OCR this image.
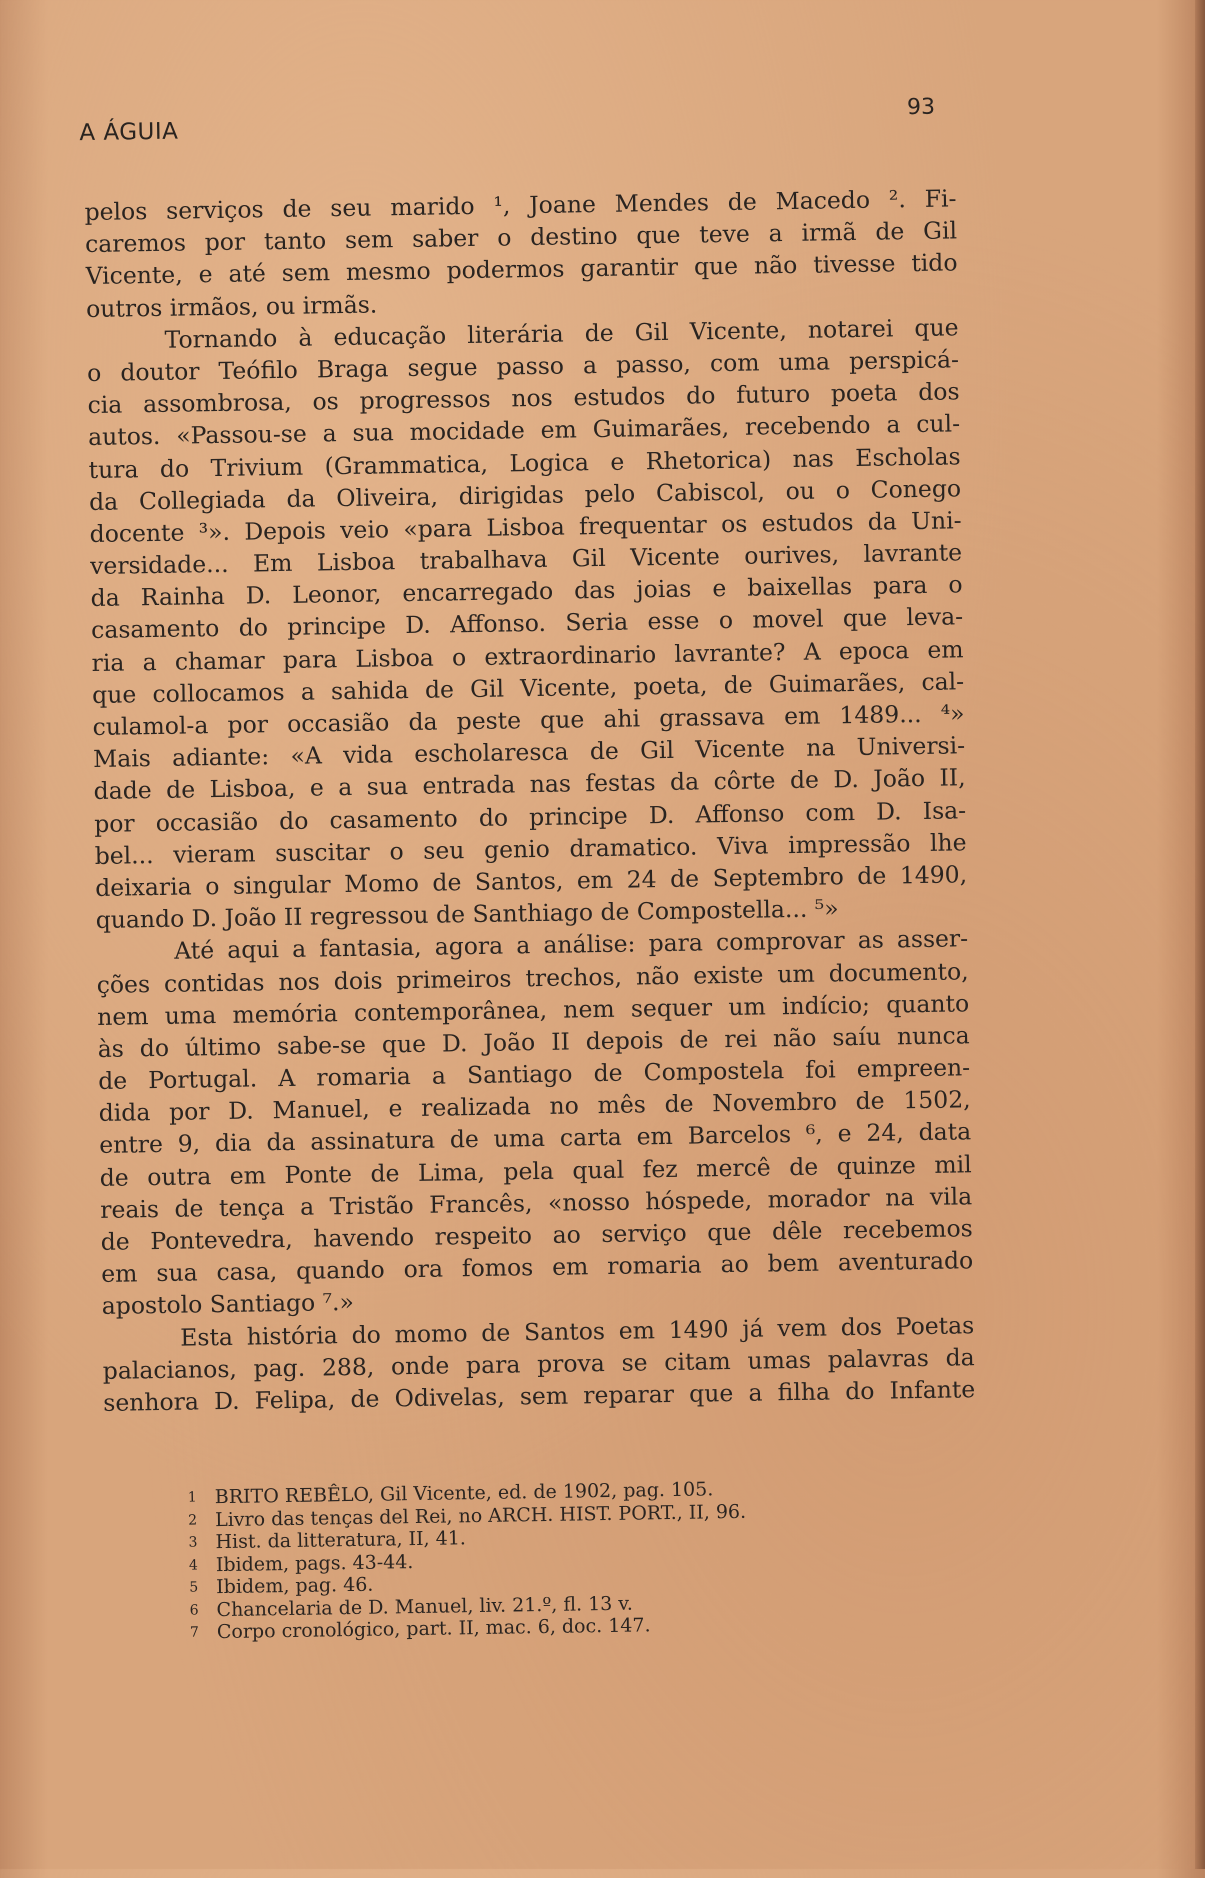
A ÁGUIA
93
pelos serviços de seu marido ¹, Joane Mendes de Macedo ². Fi-
caremos por tanto sem saber o destino que teve a irmã de Gil
Vicente, e até sem mesmo podermos garantir que não tivesse tido
outros irmãos, ou irmãs.
Tornando à educação literária de Gil Vicente, notarei que
o doutor Teófilo Braga segue passo a passo, com uma perspicá-
cia assombrosa, os progressos nos estudos do futuro poeta dos
autos. «Passou-se a sua mocidade em Guimarães, recebendo a cul-
tura do Trivium (Grammatica, Logica e Rhetorica) nas Escholas
da Collegiada da Oliveira, dirigidas pelo Cabiscol, ou o Conego
docente ³». Depois veio «para Lisboa frequentar os estudos da Uni-
versidade... Em Lisboa trabalhava Gil Vicente ourives, lavrante
da Rainha D. Leonor, encarregado das joias e baixellas para o
casamento do principe D. Affonso. Seria esse o movel que leva-
ria a chamar para Lisboa o extraordinario lavrante? A epoca em
que collocamos a sahida de Gil Vicente, poeta, de Guimarães, cal-
culamol-a por occasião da peste que ahi grassava em 1489... ⁴»
Mais adiante: «A vida escholaresca de Gil Vicente na Universi-
dade de Lisboa, e a sua entrada nas festas da côrte de D. João II,
por occasião do casamento do principe D. Affonso com D. Isa-
bel... vieram suscitar o seu genio dramatico. Viva impressão lhe
deixaria o singular Momo de Santos, em 24 de Septembro de 1490,
quando D. João II regressou de Santhiago de Compostella... ⁵»
Até aqui a fantasia, agora a análise: para comprovar as asser-
ções contidas nos dois primeiros trechos, não existe um documento,
nem uma memória contemporânea, nem sequer um indício; quanto
às do último sabe-se que D. João II depois de rei não saíu nunca
de Portugal. A romaria a Santiago de Compostela foi empreen-
dida por D. Manuel, e realizada no mês de Novembro de 1502,
entre 9, dia da assinatura de uma carta em Barcelos ⁶, e 24, data
de outra em Ponte de Lima, pela qual fez mercê de quinze mil
reais de tença a Tristão Francês, «nosso hóspede, morador na vila
de Pontevedra, havendo respeito ao serviço que dêle recebemos
em sua casa, quando ora fomos em romaria ao bem aventurado
apostolo Santiago ⁷.»
Esta história do momo de Santos em 1490 já vem dos Poetas
palacianos, pag. 288, onde para prova se citam umas palavras da
senhora D. Felipa, de Odivelas, sem reparar que a filha do Infante
1 BRITO REBÊLO, Gil Vicente, ed. de 1902, pag. 105.
2 Livro das tenças del Rei, no ARCH. HIST. PORT., II, 96.
3 Hist. da litteratura, II, 41.
4 Ibidem, pags. 43-44.
5 Ibidem, pag. 46.
6 Chancelaria de D. Manuel, liv. 21.º, fl. 13 v.
7 Corpo cronológico, part. II, mac. 6, doc. 147.
